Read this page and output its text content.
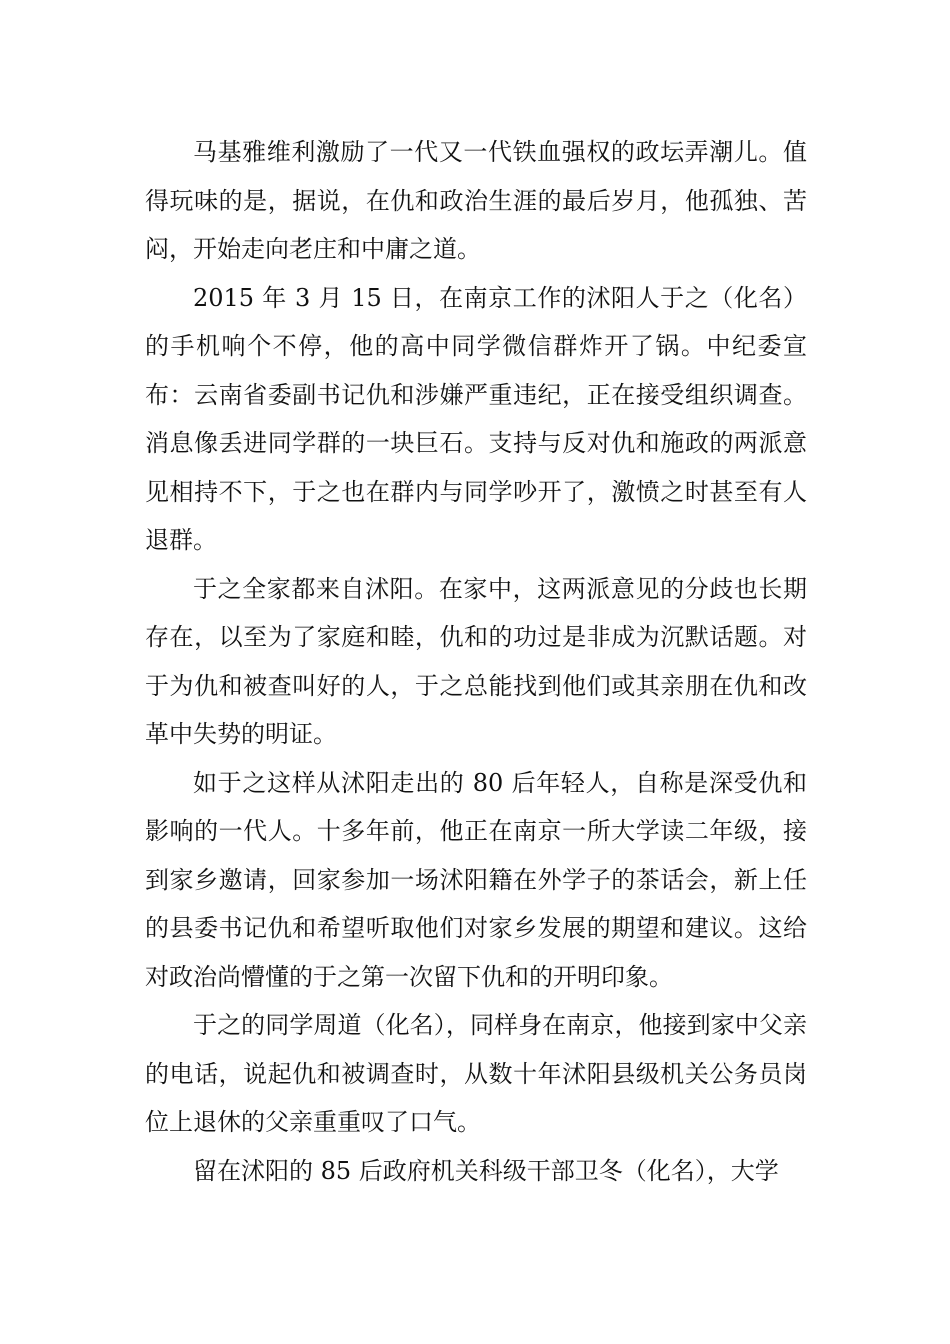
马基雅维利激励了一代又一代铁血强权的政坛弄潮儿。值得玩味的是，据说，在仇和政治生涯的最后岁月，他孤独、苦闷，开始走向老庄和中庸之道。

2015 年 3 月 15 日，在南京工作的沭阳人于之（化名）的手机响个不停，他的高中同学微信群炸开了锅。中纪委宣布：云南省委副书记仇和涉嫌严重违纪，正在接受组织调查。消息像丢进同学群的一块巨石。支持与反对仇和施政的两派意见相持不下，于之也在群内与同学吵开了，激愤之时甚至有人退群。

于之全家都来自沭阳。在家中，这两派意见的分歧也长期存在，以至为了家庭和睦，仇和的功过是非成为沉默话题。对于为仇和被查叫好的人，于之总能找到他们或其亲朋在仇和改革中失势的明证。

如于之这样从沭阳走出的 80 后年轻人，自称是深受仇和影响的一代人。十多年前，他正在南京一所大学读二年级，接到家乡邀请，回家参加一场沭阳籍在外学子的茶话会，新上任的县委书记仇和希望听取他们对家乡发展的期望和建议。这给对政治尚懵懂的于之第一次留下仇和的开明印象。

于之的同学周道（化名），同样身在南京，他接到家中父亲的电话，说起仇和被调查时，从数十年沭阳县级机关公务员岗位上退休的父亲重重叹了口气。

留在沭阳的 85 后政府机关科级干部卫冬（化名），大学
